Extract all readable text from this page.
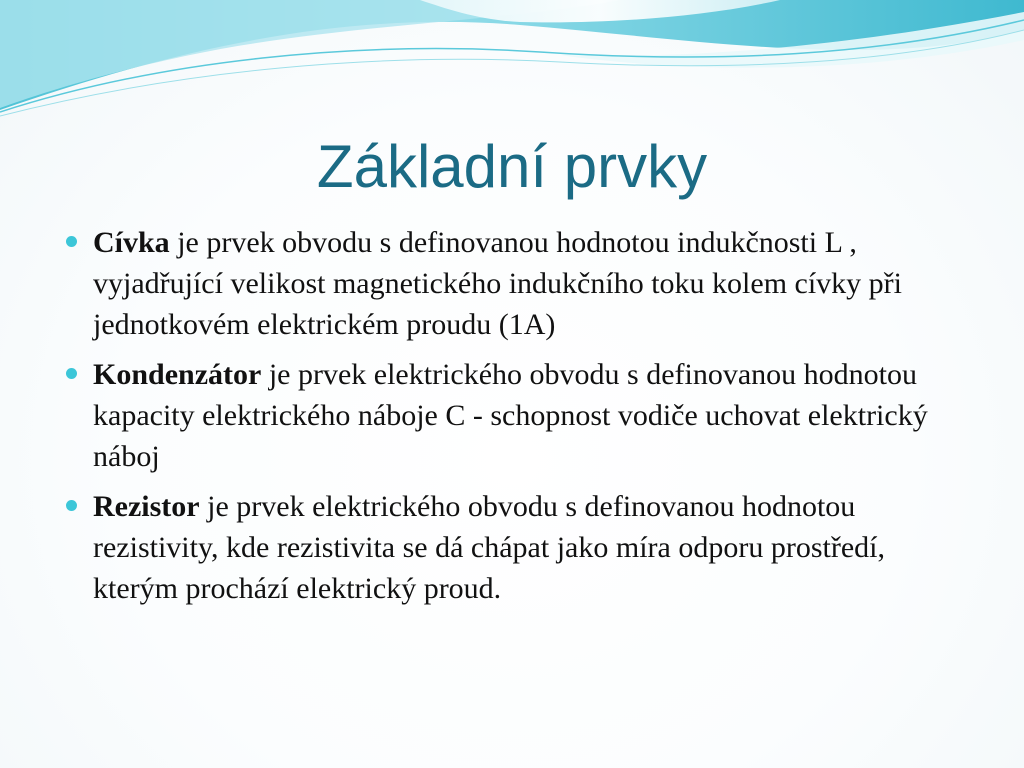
Základní prvky
Cívka je prvek obvodu s definovanou hodnotou indukčnosti L , vyjadřující velikost magnetického indukčního toku kolem cívky při jednotkovém elektrickém proudu (1A)
Kondenzátor je prvek elektrického obvodu s definovanou hodnotou kapacity elektrického náboje C - schopnost vodiče uchovat elektrický náboj
Rezistor je prvek elektrického obvodu s definovanou hodnotou rezistivity, kde rezistivita se dá chápat jako míra odporu prostředí, kterým prochází elektrický proud.
